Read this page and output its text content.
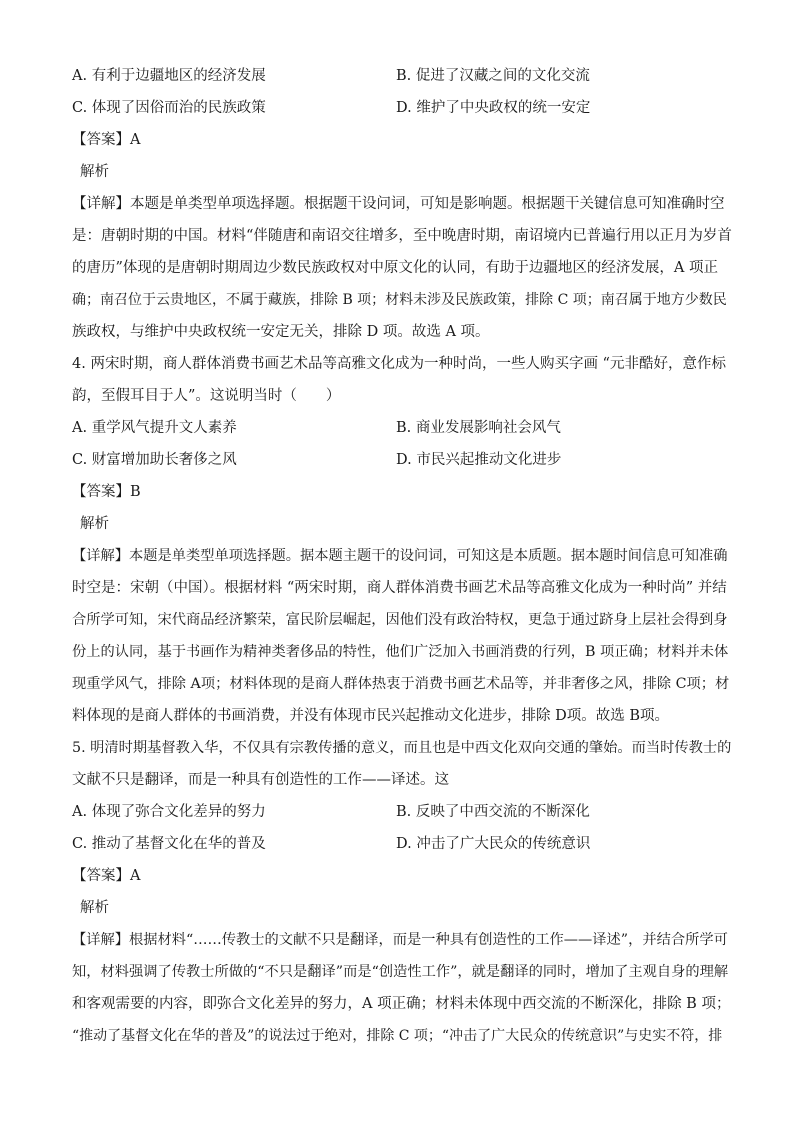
A. 有利于边疆地区的经济发展	B. 促进了汉藏之间的文化交流
C. 体现了因俗而治的民族政策	D. 维护了中央政权的统一安定
【答案】A
解析
【详解】本题是单类型单项选择题。根据题干设问词，可知是影响题。根据题干关键信息可知准确时空
是：唐朝时期的中国。材料“伴随唐和南诏交往增多，至中晚唐时期，南诏境内已普遍行用以正月为岁首
的唐历”体现的是唐朝时期周边少数民族政权对中原文化的认同，有助于边疆地区的经济发展，A 项正
确；南召位于云贵地区，不属于藏族，排除 B 项；材料未涉及民族政策，排除 C 项；南召属于地方少数民
族政权，与维护中央政权统一安定无关，排除 D 项。故选 A 项。
4. 两宋时期，商人群体消费书画艺术品等高雅文化成为一种时尚，一些人购买字画 “元非酷好，意作标
韵，至假耳目于人”。这说明当时（　　）
A. 重学风气提升文人素养	B. 商业发展影响社会风气
C. 财富增加助长奢侈之风	D. 市民兴起推动文化进步
【答案】B
解析
【详解】本题是单类型单项选择题。据本题主题干的设问词，可知这是本质题。据本题时间信息可知准确
时空是：宋朝（中国）。根据材料 “两宋时期，商人群体消费书画艺术品等高雅文化成为一种时尚” 并结
合所学可知，宋代商品经济繁荣，富民阶层崛起，因他们没有政治特权，更急于通过跻身上层社会得到身
份上的认同，基于书画作为精神类奢侈品的特性，他们广泛加入书画消费的行列，B 项正确；材料并未体
现重学风气，排除 A项；材料体现的是商人群体热衷于消费书画艺术品等，并非奢侈之风，排除 C项；材
料体现的是商人群体的书画消费，并没有体现市民兴起推动文化进步，排除 D项。故选 B项。
5. 明清时期基督教入华，不仅具有宗教传播的意义，而且也是中西文化双向交通的肇始。而当时传教士的
文献不只是翻译，而是一种具有创造性的工作——译述。这
A. 体现了弥合文化差异的努力	B. 反映了中西交流的不断深化
C. 推动了基督文化在华的普及	D. 冲击了广大民众的传统意识
【答案】A
解析
【详解】根据材料“……传教士的文献不只是翻译，而是一种具有创造性的工作——译述”，并结合所学可
知，材料强调了传教士所做的“不只是翻译”而是“创造性工作”，就是翻译的同时，增加了主观自身的理解
和客观需要的内容，即弥合文化差异的努力，A 项正确；材料未体现中西交流的不断深化，排除 B 项；
“推动了基督文化在华的普及”的说法过于绝对，排除 C 项；“冲击了广大民众的传统意识”与史实不符，排
